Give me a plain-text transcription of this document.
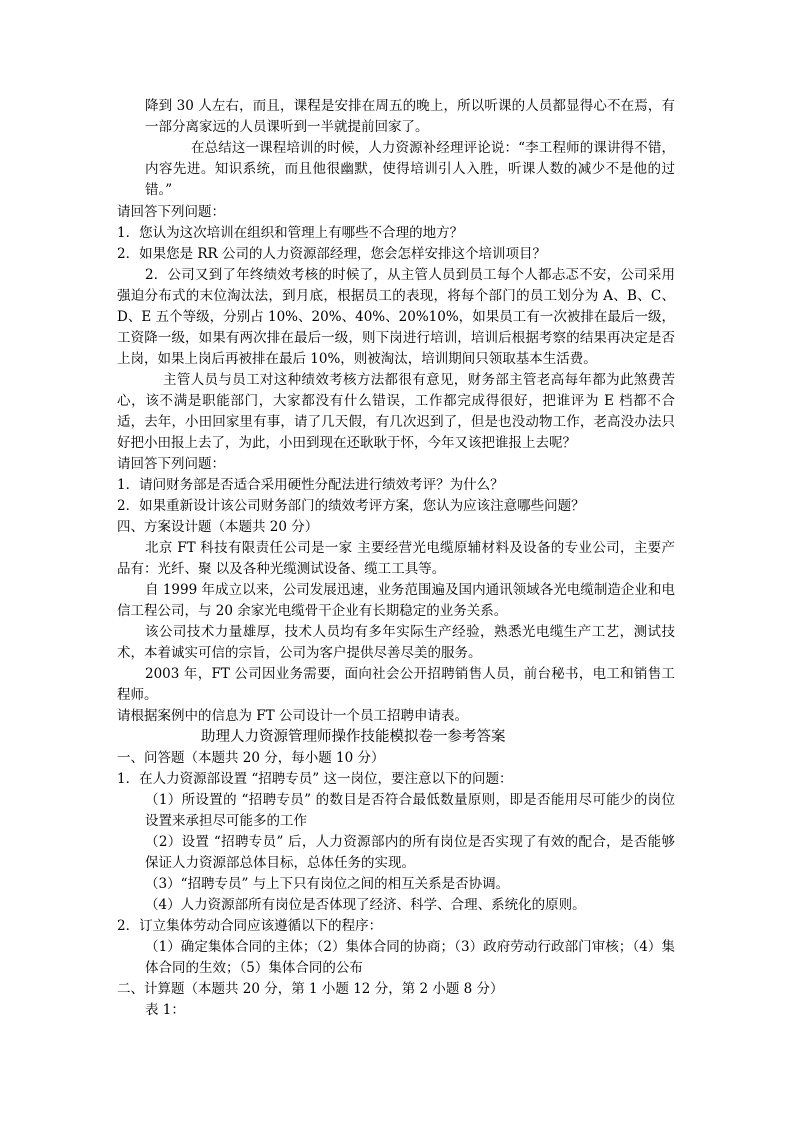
降到 30 人左右，而且，课程是安排在周五的晚上，所以听课的人员都显得心不在焉，有一部分离家远的人员课听到一半就提前回家了。

在总结这一课程培训的时候，人力资源补经理评论说：“李工程师的课讲得不错，内容先进。知识系统，而且他很幽默，使得培训引人入胜，听课人数的减少不是他的过错。”

请回答下列问题：

1．您认为这次培训在组织和管理上有哪些不合理的地方？

2．如果您是 RR 公司的人力资源部经理，您会怎样安排这个培训项目？

2．公司又到了年终绩效考核的时候了，从主管人员到员工每个人都忐忑不安，公司采用强迫分布式的末位淘汰法，到月底，根据员工的表现，将每个部门的员工划分为 A、B、C、D、E 五个等级，分别占 10%、20%、40%、20%10%，如果员工有一次被排在最后一级，工资降一级，如果有两次排在最后一级，则下岗进行培训，培训后根据考察的结果再决定是否上岗，如果上岗后再被排在最后 10%，则被淘汰，培训期间只领取基本生活费。

主管人员与员工对这种绩效考核方法都很有意见，财务部主管老高每年都为此煞费苦心，该不满是职能部门，大家都没有什么错误，工作都完成得很好，把谁评为 E 档都不合适，去年，小田回家里有事，请了几天假，有几次迟到了，但是也没动物工作，老高没办法只好把小田报上去了，为此，小田到现在还耿耿于怀，今年又该把谁报上去呢？

请回答下列问题：

1．请问财务部是否适合采用硬性分配法进行绩效考评？为什么？

2．如果重新设计该公司财务部门的绩效考评方案，您认为应该注意哪些问题？

四、方案设计题（本题共 20 分）

北京 FT 科技有限责任公司是一家 主要经营光电缆原辅材料及设备的专业公司，主要产品有：光纤、聚 以及各种光缆测试设备、缆工工具等。

自 1999 年成立以来，公司发展迅速，业务范围遍及国内通讯领域各光电缆制造企业和电信工程公司，与 20 余家光电缆骨干企业有长期稳定的业务关系。

该公司技术力量雄厚，技术人员均有多年实际生产经验，熟悉光电缆生产工艺，测试技术，本着诚实可信的宗旨，公司为客户提供尽善尽美的服务。

2003 年，FT 公司因业务需要，面向社会公开招聘销售人员，前台秘书，电工和销售工程师。

请根据案例中的信息为 FT 公司设计一个员工招聘申请表。

助理人力资源管理师操作技能模拟卷一参考答案

一、问答题（本题共 20 分，每小题 10 分）

1．在人力资源部设置 “招聘专员” 这一岗位，要注意以下的问题：

（1）所设置的 “招聘专员” 的数目是否符合最低数量原则，即是否能用尽可能少的岗位设置来承担尽可能多的工作

（2）设置 “招聘专员” 后，人力资源部内的所有岗位是否实现了有效的配合，是否能够保证人力资源部总体目标，总体任务的实现。

（3）“招聘专员” 与上下只有岗位之间的相互关系是否协调。

（4）人力资源部所有岗位是否体现了经济、科学、合理、系统化的原则。

2．订立集体劳动合同应该遵循以下的程序：

（1）确定集体合同的主体；（2）集体合同的协商；（3）政府劳动行政部门审核；（4）集体合同的生效；（5）集体合同的公布

二、计算题（本题共 20 分，第 1 小题 12 分，第 2 小题 8 分）

表 1：
